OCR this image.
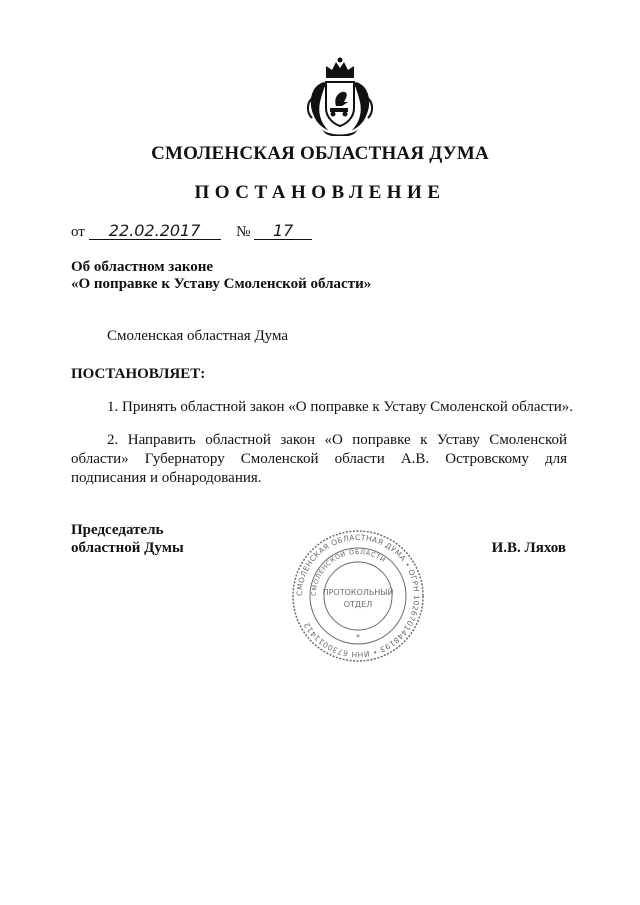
СМОЛЕНСКАЯ ОБЛАСТНАЯ ДУМА
ПОСТАНОВЛЕНИЕ
от 22.02.2017 № 17
Об областном законе
«О поправке к Уставу Смоленской области»
Смоленская областная Дума
ПОСТАНОВЛЯЕТ:
1. Принять областной закон «О поправке к Уставу Смоленской области».
2. Направить областной закон «О поправке к Уставу Смоленской области» Губернатору Смоленской области А.В. Островскому для подписания и обнародования.
Председатель
областной Думы	И.В. Ляхов
СМОЛЕНСКАЯ ОБЛАСТНАЯ ДУМА • ОГРН 1026701448193 • ИНН 6730011412
СМОЛЕНСКОЙ ОБЛАСТИ
ПРОТОКОЛЬНЫЙ
ОТДЕЛ
*
